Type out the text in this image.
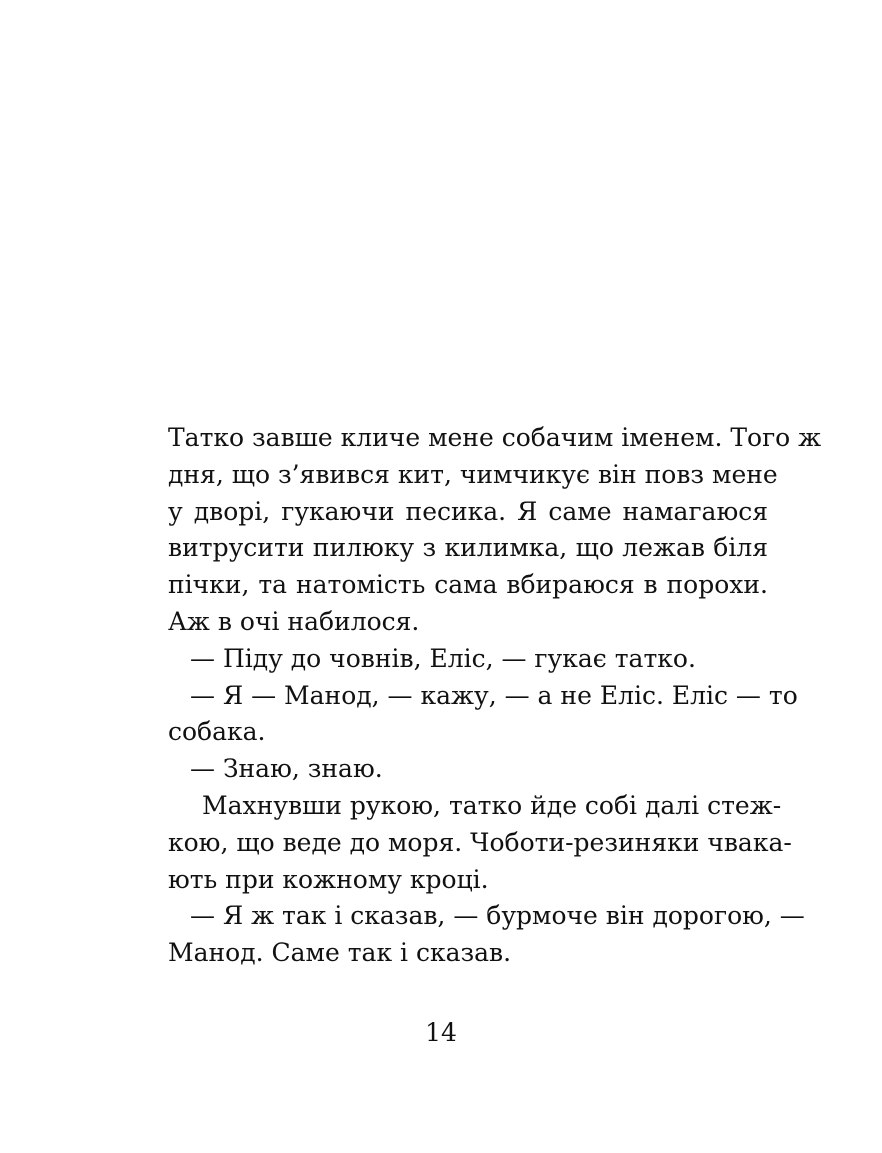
Татко завше кличе мене собачим іменем. Того ж
дня, що з’явився кит, чимчикує він повз мене
у дворі, гукаючи песика. Я саме намагаюся
витрусити пилюку з килимка, що лежав біля
пічки, та натомість сама вбираюся в порохи.
Аж в очі набилося.
— Піду до човнів, Еліс, — гукає татко.
— Я — Манод, — кажу, — а не Еліс. Еліс — то
собака.
— Знаю, знаю.
Махнувши рукою, татко йде собі далі стеж-
кою, що веде до моря. Чоботи-резиняки чвака-
ють при кожному кроці.
— Я ж так і сказав, — бурмоче він дорогою, —
Манод. Саме так і сказав.
14
